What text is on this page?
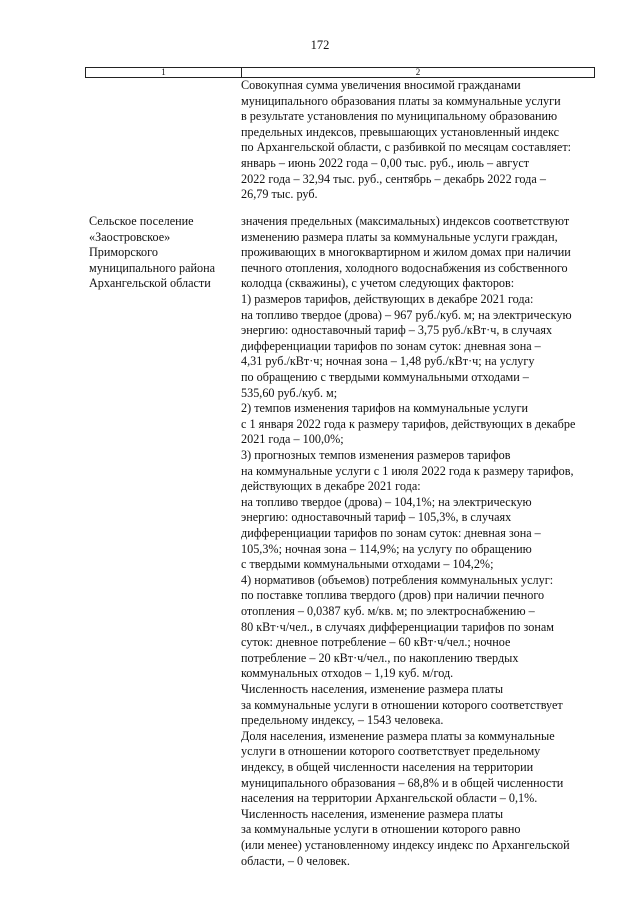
172
1	2
Совокупная сумма увеличения вносимой гражданами
муниципального образования платы за коммунальные услуги
в результате установления по муниципальному образованию
предельных индексов, превышающих установленный индекс
по Архангельской области, с разбивкой по месяцам составляет:
январь – июнь 2022 года – 0,00 тыс. руб., июль – август
2022 года – 32,94 тыс. руб., сентябрь – декабрь 2022 года –
26,79 тыс. руб.
Сельское поселение
«Заостровское»
Приморского
муниципального района
Архангельской области
значения предельных (максимальных) индексов соответствуют
изменению размера платы за коммунальные услуги граждан,
проживающих в многоквартирном и жилом домах при наличии
печного отопления, холодного водоснабжения из собственного
колодца (скважины), с учетом следующих факторов:
1) размеров тарифов, действующих в декабре 2021 года:
на топливо твердое (дрова) – 967 руб./куб. м; на электрическую
энергию: одноставочный тариф – 3,75 руб./кВт·ч, в случаях
дифференциации тарифов по зонам суток: дневная зона –
4,31 руб./кВт·ч; ночная зона – 1,48 руб./кВт·ч; на услугу
по обращению с твердыми коммунальными отходами –
535,60 руб./куб. м;
2) темпов изменения тарифов на коммунальные услуги
с 1 января 2022 года к размеру тарифов, действующих в декабре
2021 года – 100,0%;
3) прогнозных темпов изменения размеров тарифов
на коммунальные услуги с 1 июля 2022 года к размеру тарифов,
действующих в декабре 2021 года:
на топливо твердое (дрова) – 104,1%; на электрическую
энергию: одноставочный тариф – 105,3%, в случаях
дифференциации тарифов по зонам суток: дневная зона –
105,3%; ночная зона – 114,9%; на услугу по обращению
с твердыми коммунальными отходами – 104,2%;
4) нормативов (объемов) потребления коммунальных услуг:
по поставке топлива твердого (дров) при наличии печного
отопления – 0,0387 куб. м/кв. м; по электроснабжению –
80 кВт·ч/чел., в случаях дифференциации тарифов по зонам
суток: дневное потребление – 60 кВт·ч/чел.; ночное
потребление – 20 кВт·ч/чел., по накоплению твердых
коммунальных отходов – 1,19 куб. м/год.
Численность населения, изменение размера платы
за коммунальные услуги в отношении которого соответствует
предельному индексу, – 1543 человека.
Доля населения, изменение размера платы за коммунальные
услуги в отношении которого соответствует предельному
индексу, в общей численности населения на территории
муниципального образования – 68,8% и в общей численности
населения на территории Архангельской области – 0,1%.
Численность населения, изменение размера платы
за коммунальные услуги в отношении которого равно
(или менее) установленному индексу индекс по Архангельской
области, – 0 человек.
